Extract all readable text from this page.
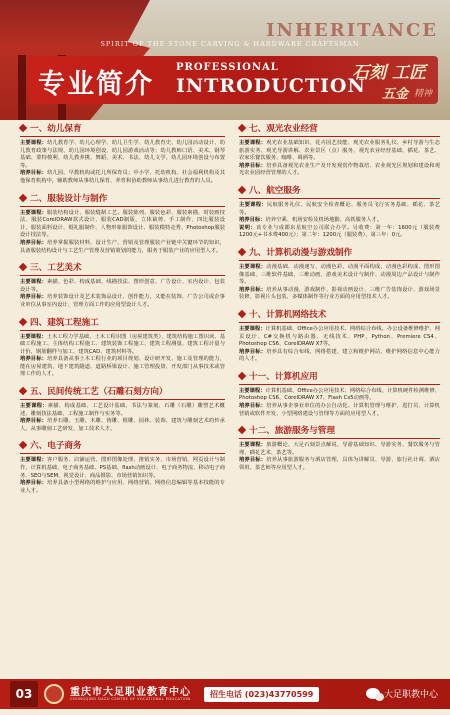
SPIRIT OF THE STONE CARVING & HARDWARE CRAFTSMAN
INHERITANCE
专业简介
PROFESSIONAL
INTRODUCTION
石刻 工匠
五金 精神
一、幼儿保育
主要课程：幼儿教育学、幼儿心理学、幼儿卫生学、幼儿教育史、幼儿园活动设计、幼儿教育政策与法规、幼儿园环境创设、幼儿园游戏活动等；幼儿教师口语、美术、钢琴基础、蒙特梭利、幼儿教养携、舞蹈、美术、书法、幼儿文学、幼儿园环境创设与布置等。
培养目标：幼儿园、早教机构或托儿所保育员；中小学、托幼机构、社会福利机构及其他保育机构中，辅助教师从事幼儿保育、养育和协助教师从事幼儿进行教育的人员。
二、服装设计与制作
主要课程：服装结构设计、服装缝制工艺、服装陈列、服装色彩、服装素描、时装画技法、服装CorelDRAW款式设计、服装CAD制版、立体裁剪、手工制作、四比服装设计、服装面料设计、婚礼服制作、人物形象服饰设计、服装模特走秀、Photoshop服装设计技法等。
培养目标：培养掌握服装材料、设计生产、营销及管理服装产业链中关键环节的知识，具备服装结构设计与工艺生产管理及营销策划的能力，服务于服装产业的应用型人才。
三、工艺美术
主要课程：素描、色彩、构成基础、线描技法、图形创意、广告设计、室内设计、包装设计等。
培养目标：培养装饰设计及艺术装饰品设计、创作能力，又能在装饰、广告公司或企事业单位从事室内设计、管理方面工作的应用型设计人才。
四、建筑工程施工
主要课程：土木工程力学基础、土木工程识图（房屋建筑类）、建筑结构施工图识读、基础工程施工、主体结构工程施工、建筑装饰工程施工、建筑工程测量、建筑工程计量与计价、钢筋翻样与加工、建筑CAD、建筑材料等。
培养目标：培养具备从事土木工程行业的项目规划、设计研开发、施工及管理的能力，能在房屋建筑、地下建筑隧道、道路桥梁设计、施工管理投资、开发部门从事技术或管理工作的人才。
五、民间传统工艺（石雕石刻方向）
主要课程：素描、构成基础、工艺设计基础、书法与篆刻、石雕（石雕）雕塑艺术概述、雕刻技法基础、工程施工制作与实务等。
培养目标：培养石雕、玉雕、木雕、铸雕、根雕、园林、装饰、建筑与雕刻艺术的传承人，从事雕刻工艺研发、加工技术人才。
六、电子商务
主要课程：客户服务、店铺运营、图形图像处理、推销实务、市场营销、网页设计与制作、计算机基础、电子商务基础、PS基础、flash动画设计、电子商务物流、移动电子商务、SEO与SEM、视觉设计、商品摄影、市场营销知识等。
培养目标：培养具备小型网络的维护与应用、网络营销、网络信息编辑等基本技能的专业人才。
七、观光农业经营
主要课程：观光农业基础知识、花卉园艺技能、观光农业服务礼仪、乡村导游与生态旅游实务、观光导游讲解、农业景区（点）服务、观光农业经营基础、插花、茶艺、农家乐餐饮服务、咖啡、调酒等。
培养目标：培养具备观光农业生产及开发观赏作物栽培、农业观光区规划和建设和观光农业园经营管理的人才。
八、航空服务
主要课程：民航服务礼仪、民航安全检查概论、服务员飞行实务基础、插花、茶艺等。
培养目标：培养空乘、机场安检及机场地勤、高铁服务人才。
说明：该专业与成都东星航空公司联合办学。另收费：第一年：1600元（服装费1200元+书本费400元）；第二年：1200元（服装费），第三年：0元。
九、计算机动漫与游戏制作
主要课程：动漫基础、动漫速写、动漫色彩、动漫平面构成、动漫色彩构成、图形图像基础、三维软件基础、三维动画、游戏美术设计与制作、动漫周边产品设计与制作等。
培养目标：培养从事动漫、游戏制作、影视动画设计、三维广告装饰设计、游戏场景装修、影视片头包装、多媒体制作等行业方面的应用型技术人才。
十、计算机网络技术
主要课程：计算机基础、Office办公应用技术、网络综合布线、办公设备维修维护、网页设计、C#交换机与路由器、无线技术、PHP、Python、Premiere CS4、Photoshop CS6、CorelDRAW X7等。
培养目标：培养具有综合布线、网络搭建、建立和维护网站、维护网络信息中心能力的人才。
十一、计算机应用
主要课程：计算机基础、Office办公应用技术、网络综合布线、计算机硬件检测维修、Photoshop CS6、CorelDRAW X7、Flash Cs5动画等。
培养目标：培养从事企事业单位的办公自动化、计算机管理与维护、进打员、计算机营销或软件开发、小型网络建设与管理等方面的应用型人才。
十二、旅游服务与管理
主要课程：旅游概论、大足石刻景点解说、导游基础知识、导游实务、餐饮服务与管理、插花艺术、茶艺等。
培养目标：培养从事旅游服务与酒店管理，具体为讲解员、导游、旅行社计调、酒店领班、茶艺师等应用型人才。
03	重庆市大足职业教育中心
CHONGQING DAZU CENTRE OF VOCATIONAL EDUCATION	招生电话 (023)43770599	大足职教中心
